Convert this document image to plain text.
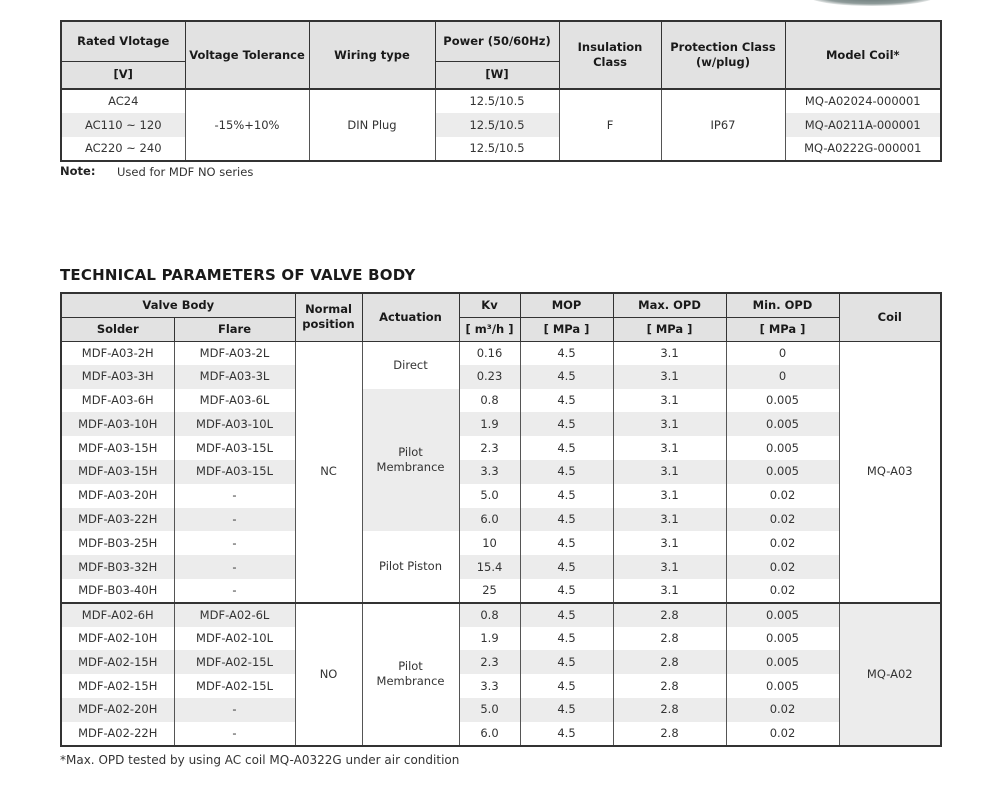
Rated Vlotage	Voltage Tolerance	Wiring type	Power (50/60Hz)	Insulation Class	Protection Class (w/plug)	Model Coil*
[V]			[W]			
AC24	-15%+10%	DIN Plug	12.5/10.5	F	IP67	MQ-A02024-000001
AC110 ~ 120			12.5/10.5			MQ-A0211A-000001
AC220 ~ 240			12.5/10.5			MQ-A0222G-000001
Note: Used for MDF NO series
TECHNICAL PARAMETERS OF VALVE BODY
Valve Body		Normal position	Actuation	Kv	MOP	Max. OPD	Min. OPD	Coil
Solder	Flare			[ m³/h ]	[ MPa ]	[ MPa ]	[ MPa ]	
MDF-A03-2H	MDF-A03-2L	NC	Direct	0.16	4.5	3.1	0	MQ-A03
MDF-A03-3H	MDF-A03-3L			0.23	4.5	3.1	0	
MDF-A03-6H	MDF-A03-6L		Pilot Membrance	0.8	4.5	3.1	0.005	
MDF-A03-10H	MDF-A03-10L			1.9	4.5	3.1	0.005	
MDF-A03-15H	MDF-A03-15L			2.3	4.5	3.1	0.005	
MDF-A03-15H	MDF-A03-15L			3.3	4.5	3.1	0.005	
MDF-A03-20H	-			5.0	4.5	3.1	0.02	
MDF-A03-22H	-			6.0	4.5	3.1	0.02	
MDF-B03-25H	-		Pilot Piston	10	4.5	3.1	0.02	
MDF-B03-32H	-			15.4	4.5	3.1	0.02	
MDF-B03-40H	-			25	4.5	3.1	0.02	
MDF-A02-6H	MDF-A02-6L	NO	Pilot Membrance	0.8	4.5	2.8	0.005	MQ-A02
MDF-A02-10H	MDF-A02-10L			1.9	4.5	2.8	0.005	
MDF-A02-15H	MDF-A02-15L			2.3	4.5	2.8	0.005	
MDF-A02-15H	MDF-A02-15L			3.3	4.5	2.8	0.005	
MDF-A02-20H	-			5.0	4.5	2.8	0.02	
MDF-A02-22H	-			6.0	4.5	2.8	0.02	
*Max. OPD tested by using AC coil MQ-A0322G under air condition
